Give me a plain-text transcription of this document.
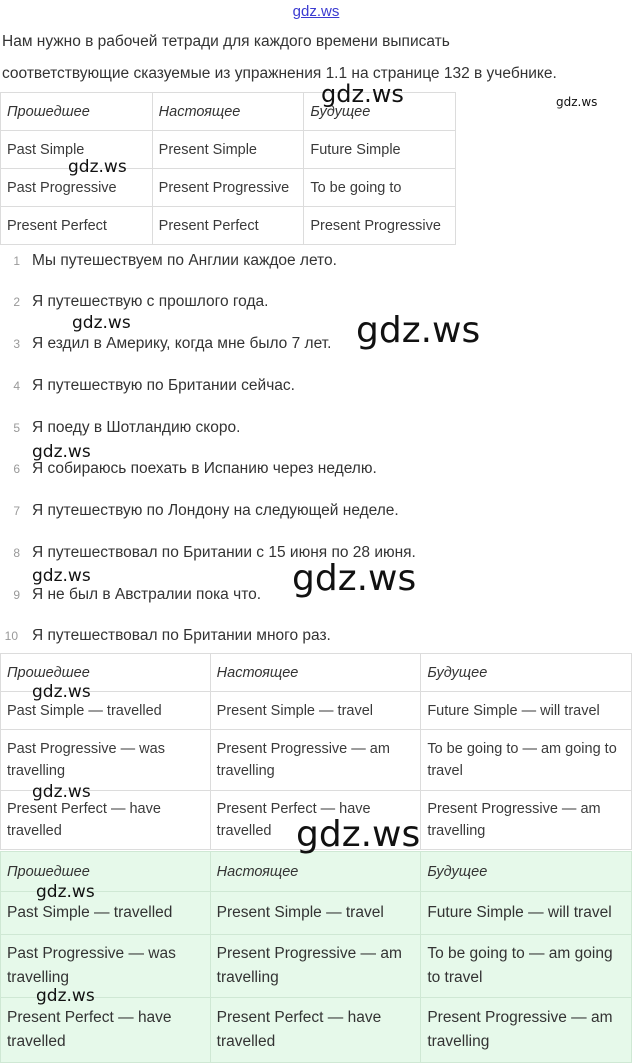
gdz.ws
Нам нужно в рабочей тетради для каждого времени выписать
соответствующие сказуемые из упражнения 1.1 на странице 132 в учебнике.
Прошедшее	Настоящее	Будущее
Past Simple	Present Simple	Future Simple
Past Progressive	Present Progressive	To be going to
Present Perfect	Present Perfect	Present Progressive
1 Мы путешествуем по Англии каждое лето.
2 Я путешествую с прошлого года.
3 Я ездил в Америку, когда мне было 7 лет.
4 Я путешествую по Британии сейчас.
5 Я поеду в Шотландию скоро.
6 Я собираюсь поехать в Испанию через неделю.
7 Я путешествую по Лондону на следующей неделе.
8 Я путешествовал по Британии с 15 июня по 28 июня.
9 Я не был в Австралии пока что.
10 Я путешествовал по Британии много раз.
Прошедшее	Настоящее	Будущее
Past Simple — travelled	Present Simple — travel	Future Simple — will travel
Past Progressive — was travelling	Present Progressive — am travelling	To be going to — am going to travel
Present Perfect — have travelled	Present Perfect — have travelled	Present Progressive — am travelling
Прошедшее	Настоящее	Будущее
Past Simple — travelled	Present Simple — travel	Future Simple — will travel
Past Progressive — was travelling	Present Progressive — am travelling	To be going to — am going to travel
Present Perfect — have travelled	Present Perfect — have travelled	Present Progressive — am travelling
gdz.ws	gdz.ws
gdz.ws
gdz.ws	gdz.ws
gdz.ws
gdz.ws	gdz.ws
gdz.ws
gdz.ws
gdz.ws
gdz.ws
gdz.ws
